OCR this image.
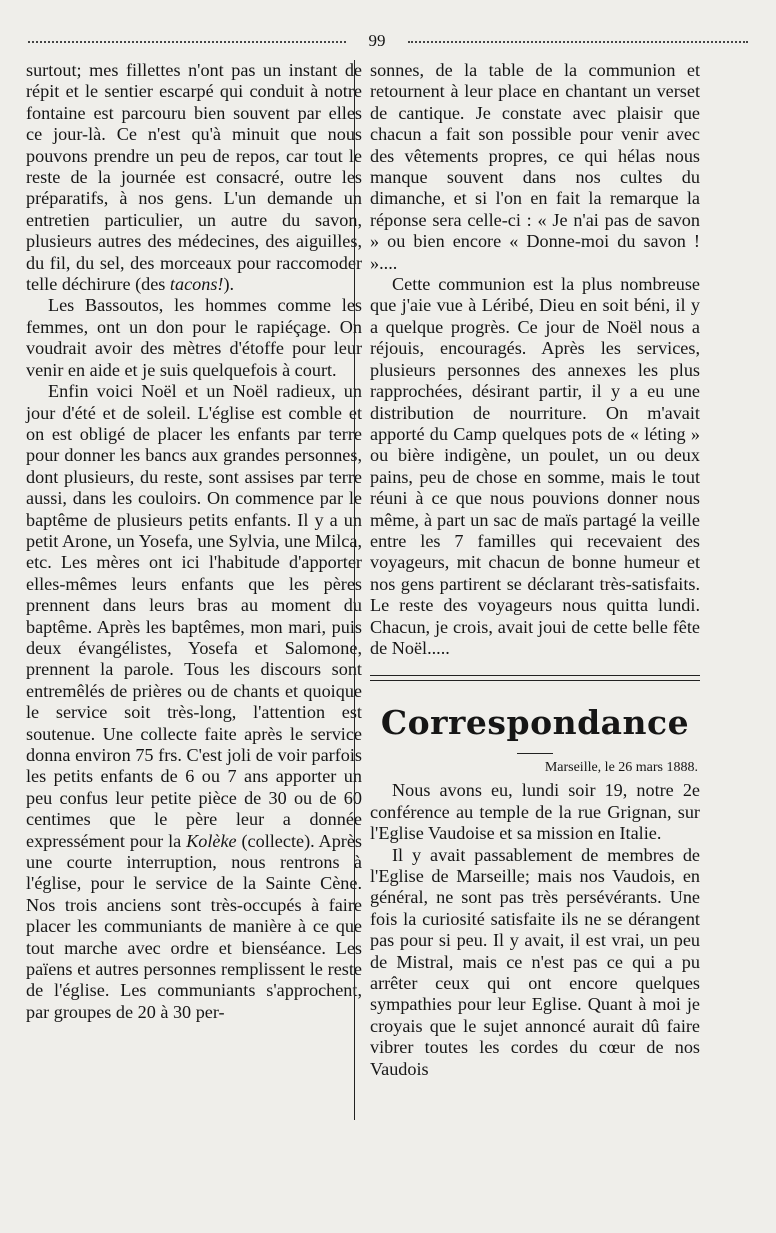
99

surtout; mes fillettes n'ont pas un instant de répit et le sentier escarpé qui conduit à notre fontaine est parcouru bien souvent par elles ce jour-là. Ce n'est qu'à minuit que nous pouvons prendre un peu de repos, car tout le reste de la journée est consacré, outre les préparatifs, à nos gens. L'un demande un entretien particulier, un autre du savon, plusieurs autres des médecines, des aiguilles, du fil, du sel, des morceaux pour raccomoder telle déchirure (des tacons!).

Les Bassoutos, les hommes comme les femmes, ont un don pour le rapiéçage. On voudrait avoir des mètres d'étoffe pour leur venir en aide et je suis quelquefois à court.

Enfin voici Noël et un Noël radieux, un jour d'été et de soleil. L'église est comble et on est obligé de placer les enfants par terre pour donner les bancs aux grandes personnes, dont plusieurs, du reste, sont assises par terre aussi, dans les couloirs. On commence par le baptême de plusieurs petits enfants. Il y a un petit Arone, un Yosefa, une Sylvia, une Milca, etc. Les mères ont ici l'habitude d'apporter elles-mêmes leurs enfants que les pères prennent dans leurs bras au moment du baptême. Après les baptêmes, mon mari, puis deux évangélistes, Yosefa et Salomone, prennent la parole. Tous les discours sont entremêlés de prières ou de chants et quoique le service soit très-long, l'attention est soutenue. Une collecte faite après le service donna environ 75 frs. C'est joli de voir parfois les petits enfants de 6 ou 7 ans apporter un peu confus leur petite pièce de 30 ou de 60 centimes que le père leur a donnée expressément pour la Kolèke (collecte). Après une courte interruption, nous rentrons à l'église, pour le service de la Sainte Cène. Nos trois anciens sont très-occupés à faire placer les communiants de manière à ce que tout marche avec ordre et bienséance. Les païens et autres personnes remplissent le reste de l'église. Les communiants s'approchent, par groupes de 20 à 30 per-

sonnes, de la table de la communion et retournent à leur place en chantant un verset de cantique. Je constate avec plaisir que chacun a fait son possible pour venir avec des vêtements propres, ce qui hélas nous manque souvent dans nos cultes du dimanche, et si l'on en fait la remarque la réponse sera celle-ci : « Je n'ai pas de savon » ou bien encore « Donne-moi du savon ! »....

Cette communion est la plus nombreuse que j'aie vue à Léribé, Dieu en soit béni, il y a quelque progrès. Ce jour de Noël nous a réjouis, encouragés. Après les services, plusieurs personnes des annexes les plus rapprochées, désirant partir, il y a eu une distribution de nourriture. On m'avait apporté du Camp quelques pots de « léting » ou bière indigène, un poulet, un ou deux pains, peu de chose en somme, mais le tout réuni à ce que nous pouvions donner nous même, à part un sac de maïs partagé la veille entre les 7 familles qui recevaient des voyageurs, mit chacun de bonne humeur et nos gens partirent se déclarant très-satisfaits. Le reste des voyageurs nous quitta lundi. Chacun, je crois, avait joui de cette belle fête de Noël.....

Correspondance
Marseille, le 26 mars 1888.

Nous avons eu, lundi soir 19, notre 2e conférence au temple de la rue Grignan, sur l'Eglise Vaudoise et sa mission en Italie.

Il y avait passablement de membres de l'Eglise de Marseille; mais nos Vaudois, en général, ne sont pas très persévérants. Une fois la curiosité satisfaite ils ne se dérangent pas pour si peu. Il y avait, il est vrai, un peu de Mistral, mais ce n'est pas ce qui a pu arrêter ceux qui ont encore quelques sympathies pour leur Eglise. Quant à moi je croyais que le sujet annoncé aurait dû faire vibrer toutes les cordes du cœur de nos Vaudois
